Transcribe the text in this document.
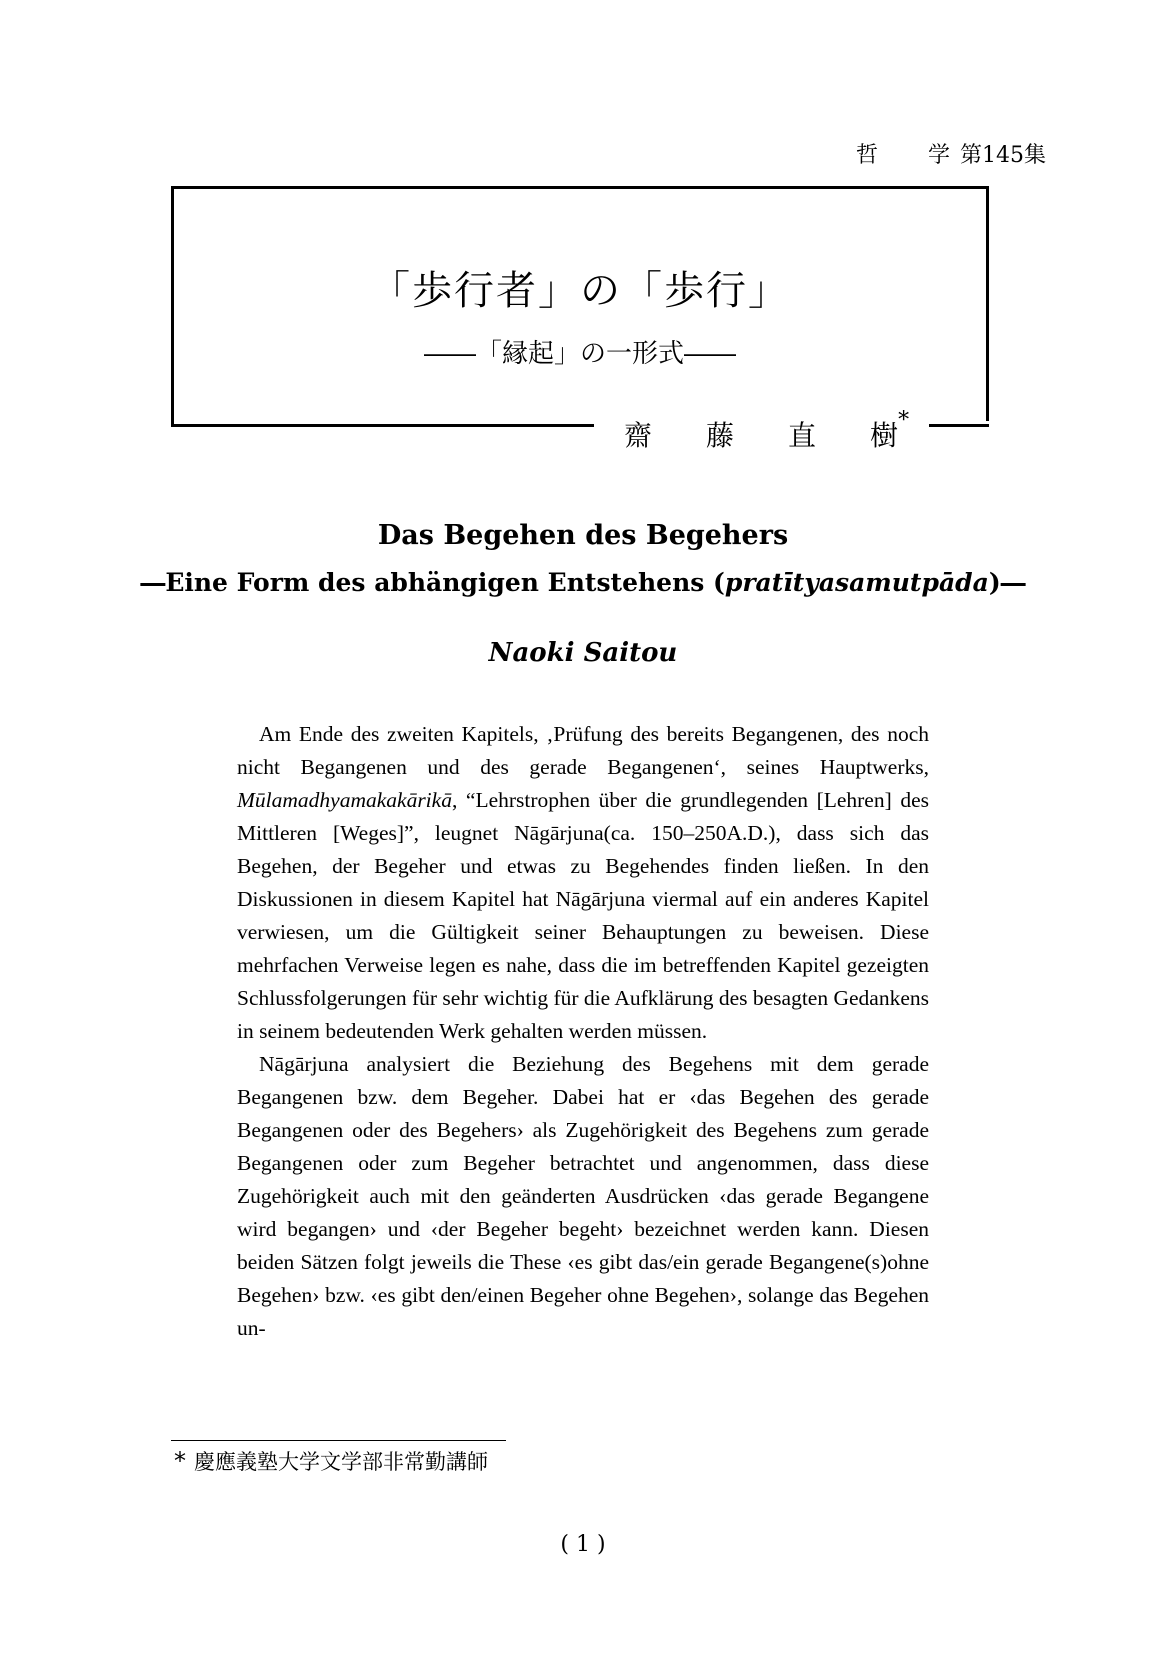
哲 学 第145集
「歩行者」の「歩行」
――「縁起」の一形式――
齋 藤 直 樹*
Das Begehen des Begehers
―Eine Form des abhängigen Entstehens (pratītyasamutpāda)―
Naoki Saitou

Am Ende des zweiten Kapitels, ‚Prüfung des bereits Begangenen, des noch nicht Begangenen und des gerade Begangenen‘, seines Hauptwerks, Mūlamadhyamakakārikā, “Lehrstrophen über die grundlegenden [Lehren] des Mittleren [Weges]”, leugnet Nāgārjuna(ca. 150–250A.D.), dass sich das Begehen, der Begeher und etwas zu Begehendes finden ließen. In den Diskussionen in diesem Kapitel hat Nāgārjuna viermal auf ein anderes Kapitel verwiesen, um die Gültigkeit seiner Behauptungen zu beweisen. Diese mehrfachen Verweise legen es nahe, dass die im betreffenden Kapitel gezeigten Schlussfolgerungen für sehr wichtig für die Aufklärung des besagten Gedankens in seinem bedeutenden Werk gehalten werden müssen.

Nāgārjuna analysiert die Beziehung des Begehens mit dem gerade Begangenen bzw. dem Begeher. Dabei hat er ‹das Begehen des gerade Begangenen oder des Begehers› als Zugehörigkeit des Begehens zum gerade Begangenen oder zum Begeher betrachtet und angenommen, dass diese Zugehörigkeit auch mit den geänderten Ausdrücken ‹das gerade Begangene wird begangen› und ‹der Begeher begeht› bezeichnet werden kann. Diesen beiden Sätzen folgt jeweils die These ‹es gibt das/ein gerade Begangene(s)ohne Begehen› bzw. ‹es gibt den/einen Begeher ohne Begehen›, solange das Begehen un-

* 慶應義塾大学文学部非常勤講師
( 1 )
